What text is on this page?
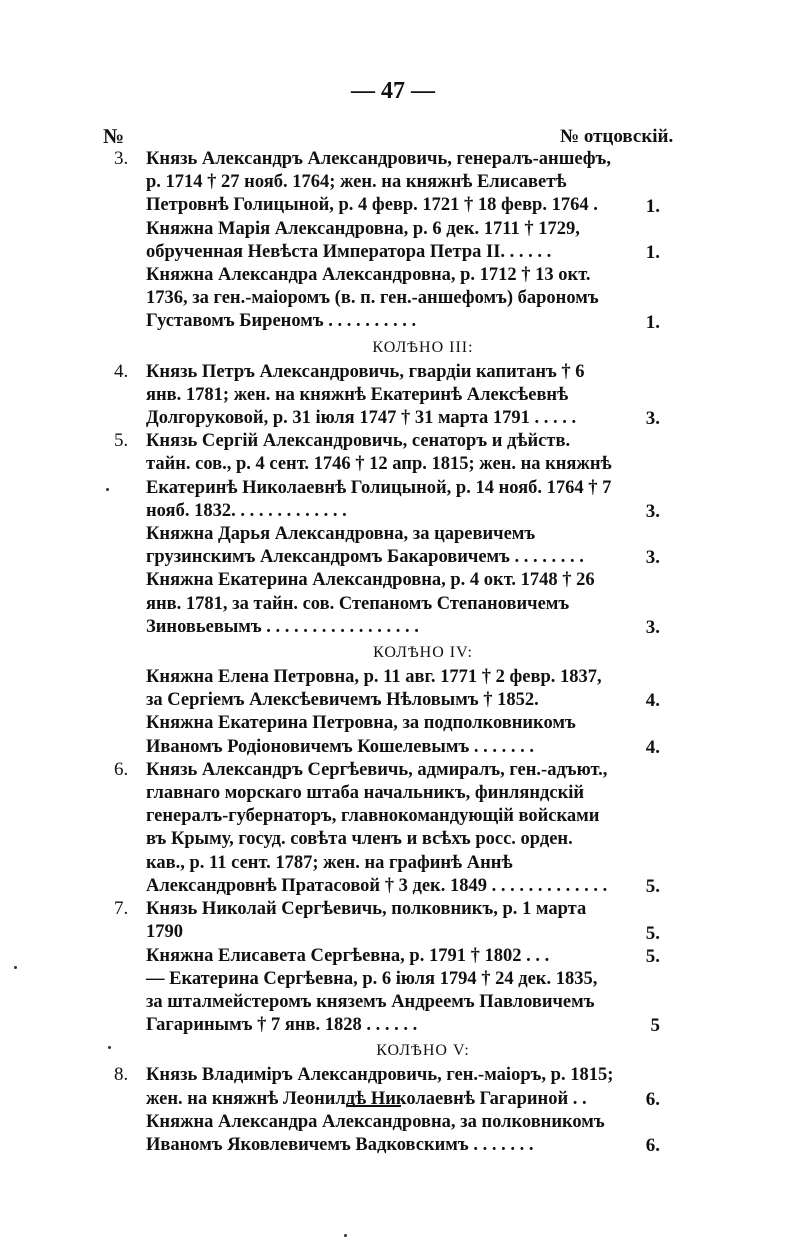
— 47 —
№	№ отцовскій.
3. Князь Александръ Александровичь, генералъ-аншефъ, р. 1714 † 27 нояб. 1764; жен. на княжнѣ Елисаветѣ Петровнѣ Голицыной, р. 4 февр. 1721 † 18 февр. 1764 .	1.
Княжна Марія Александровна, р. 6 дек. 1711 † 1729, обрученная Невѣста Императора Петра II. . . . . .	1.
Княжна Александра Александровна, р. 1712 † 13 окт. 1736, за ген.-маіоромъ (в. п. ген.-аншефомъ) барономъ Густавомъ Биреномъ . . . . . . . . . .	1.
КОЛѢНО III:
4. Князь Петръ Александровичь, гвардіи капитанъ † 6 янв. 1781; жен. на княжнѣ Екатеринѣ Алексѣевнѣ Долгоруковой, р. 31 іюля 1747 † 31 марта 1791 . . . . .	3.
5. Князь Сергій Александровичь, сенаторъ и дѣйств. тайн. сов., р. 4 сент. 1746 † 12 апр. 1815; жен. на княжнѣ Екатеринѣ Николаевнѣ Голицыной, р. 14 нояб. 1764 † 7 нояб. 1832. . . . . . . . . . . . .	3.
Княжна Дарья Александровна, за царевичемъ грузинскимъ Александромъ Бакаровичемъ . . . . . . . .	3.
Княжна Екатерина Александровна, р. 4 окт. 1748 † 26 янв. 1781, за тайн. сов. Степаномъ Степановичемъ Зиновьевымъ . . . . . . . . . . . . . . . . .	3.
КОЛѢНО IV:
Княжна Елена Петровна, р. 11 авг. 1771 † 2 февр. 1837, за Сергіемъ Алексѣевичемъ Нѣловымъ † 1852.	4.
Княжна Екатерина Петровна, за подполковникомъ Иваномъ Родіоновичемъ Кошелевымъ . . . . . . .	4.
6. Князь Александръ Сергѣевичь, адмиралъ, ген.-адъют., главнаго морскаго штаба начальникъ, финляндскій генералъ-губернаторъ, главнокомандующій войсками въ Крыму, госуд. совѣта членъ и всѣхъ росс. орден. кав., р. 11 сент. 1787; жен. на графинѣ Аннѣ Александровнѣ Пратасовой † 3 дек. 1849 . . . . . . . . . . . . .	5.
7. Князь Николай Сергѣевичь, полковникъ, р. 1 марта 1790	5.
Княжна Елисавета Сергѣевна, р. 1791 † 1802 . . .	5.
— Екатерина Сергѣевна, р. 6 іюля 1794 † 24 дек. 1835, за шталмейстеромъ княземъ Андреемъ Павловичемъ Гагаринымъ † 7 янв. 1828 . . . . . .	5
КОЛѢНО V:
8. Князь Владиміръ Александровичь, ген.-маіоръ, р. 1815; жен. на княжнѣ Леонилдѣ Николаевнѣ Гагариной . .	6.
Княжна Александра Александровна, за полковникомъ Иваномъ Яковлевичемъ Вадковскимъ . . . . . . .	6.
